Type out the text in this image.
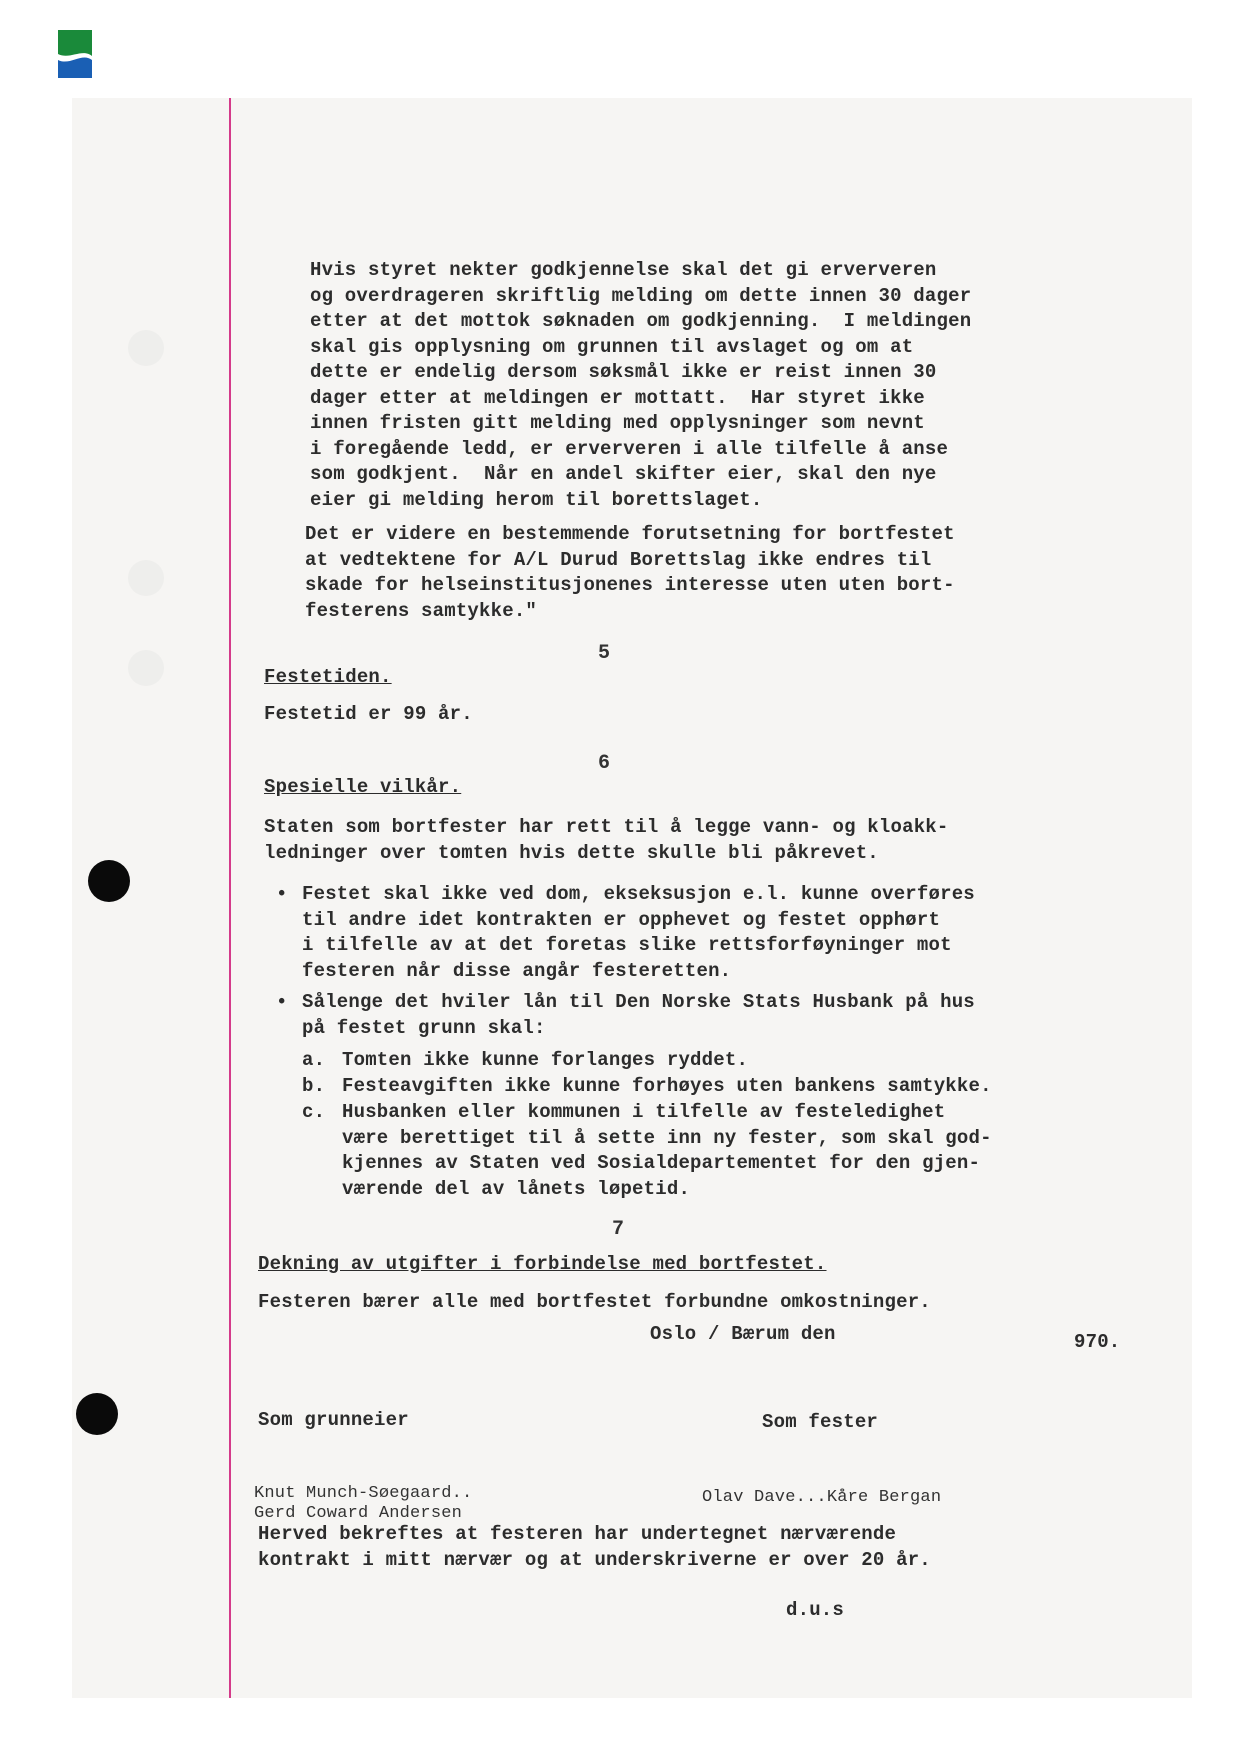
Hvis styret nekter godkjennelse skal det gi erververen
og overdrageren skriftlig melding om dette innen 30 dager
etter at det mottok søknaden om godkjenning.  I meldingen
skal gis opplysning om grunnen til avslaget og om at
dette er endelig dersom søksmål ikke er reist innen 30
dager etter at meldingen er mottatt.  Har styret ikke
innen fristen gitt melding med opplysninger som nevnt
i foregående ledd, er erververen i alle tilfelle å anse
som godkjent.  Når en andel skifter eier, skal den nye
eier gi melding herom til borettslaget.
Det er videre en bestemmende forutsetning for bortfestet
at vedtektene for A/L Durud Borettslag ikke endres til
skade for helseinstitusjonenes interesse uten uten bort-
festerens samtykke."
5
Festetiden.
Festetid er 99 år.
6
Spesielle vilkår.
Staten som bortfester har rett til å legge vann- og kloakk-
ledninger over tomten hvis dette skulle bli påkrevet.
• Festet skal ikke ved dom, ekseksusjon e.l. kunne overføres
til andre idet kontrakten er opphevet og festet opphørt
i tilfelle av at det foretas slike rettsforføyninger mot
festeren når disse angår festeretten.
• Sålenge det hviler lån til Den Norske Stats Husbank på hus
på festet grunn skal:
a. Tomten ikke kunne forlanges ryddet.
b. Festeavgiften ikke kunne forhøyes uten bankens samtykke.
c. Husbanken eller kommunen i tilfelle av festeledighet
være berettiget til å sette inn ny fester, som skal god-
kjennes av Staten ved Sosialdepartementet for den gjen-
værende del av lånets løpetid.
7
Dekning av utgifter i forbindelse med bortfestet.
Festeren bærer alle med bortfestet forbundne omkostninger.
Oslo / Bærum den	970.
Som grunneier	Som fester
Knut Munch-Søegaard..
Gerd Coward Andersen
Olav Dave...Kåre Bergan
Herved bekreftes at festeren har undertegnet nærværende
kontrakt i mitt nærvær og at underskriverne er over 20 år.
d.u.s
